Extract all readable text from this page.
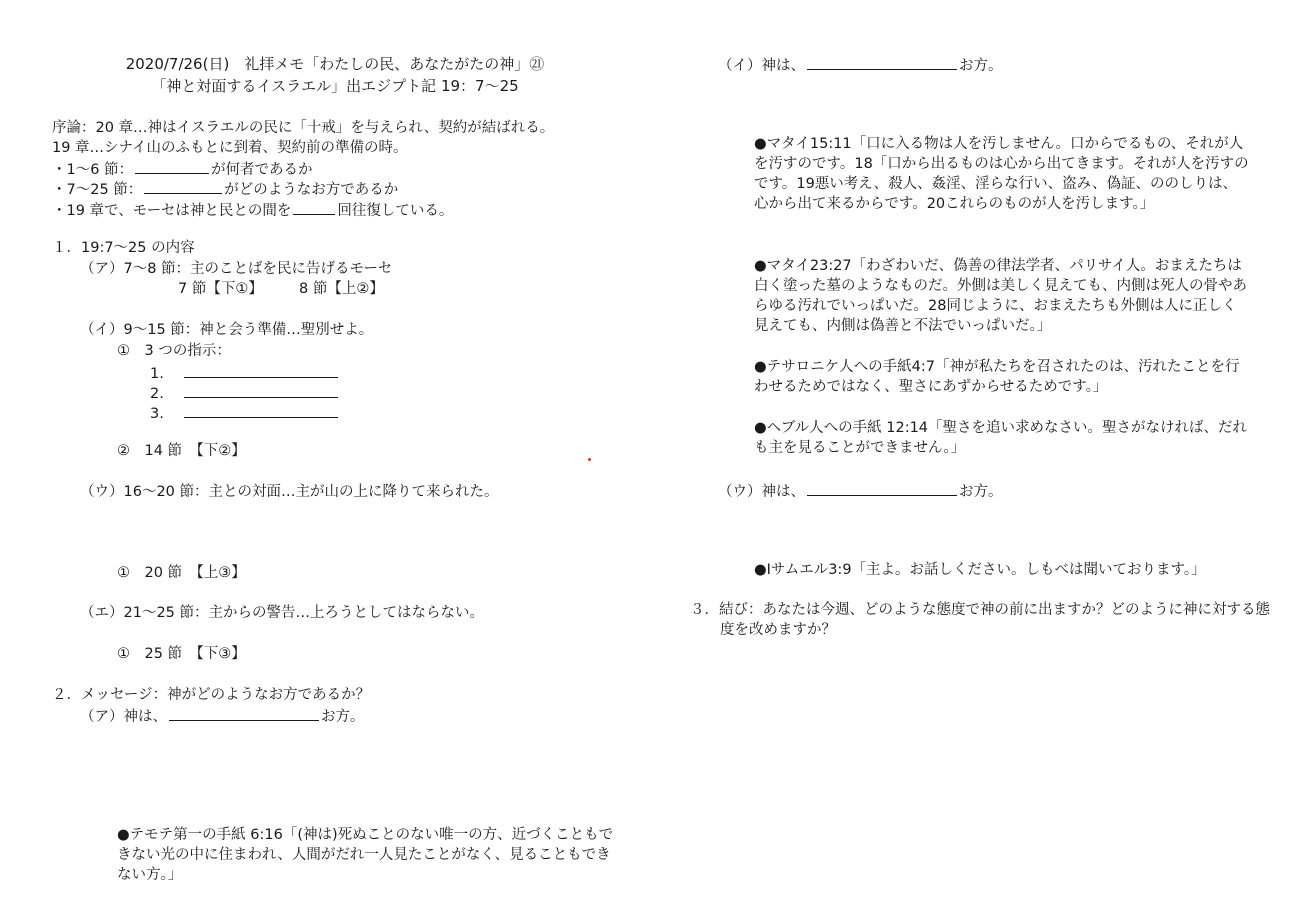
2020/7/26(日)　礼拝メモ「わたしの民、あなたがたの神」㉑
「神と対面するイスラエル」出エジプト記 19：7～25
序論：20 章…神はイスラエルの民に「十戒」を与えられ、契約が結ばれる。
19 章…シナイ山のふもとに到着、契約前の準備の時。
・1～6 節：	が何者であるか
・7～25 節：	がどのようなお方であるか
・19 章で、モーセは神と民との間を	回往復している。
１．19:7～25 の内容
（ア）7～8 節：主のことばを民に告げるモーセ
7 節【下①】 8 節【上②】
（イ）9～15 節：神と会う準備…聖別せよ。
①　3 つの指示：
1.
2.
3.
②　14 節　【下②】
（ウ）16～20 節：主との対面…主が山の上に降りて来られた。
①　20 節　【上③】
（エ）21～25 節：主からの警告…上ろうとしてはならない。
①　25 節　【下③】
２．メッセージ：神がどのようなお方であるか？
（ア）神は、	お方。
●テモテ第一の手紙 6:16「(神は)死ぬことのない唯一の方、近づくこともできない光の中に住まわれ、人間がだれ一人見たことがなく、見ることもできない方。」
（イ）神は、	お方。
●マタイ15:11「口に入る物は人を汚しません。口からでるもの、それが人を汚すのです。18「口から出るものは心から出てきます。それが人を汚すのです。19悪い考え、殺人、姦淫、淫らな行い、盗み、偽証、ののしりは、心から出て来るからです。20これらのものが人を汚します。」
●マタイ23:27「わざわいだ、偽善の律法学者、パリサイ人。おまえたちは白く塗った墓のようなものだ。外側は美しく見えても、内側は死人の骨やあらゆる汚れでいっぱいだ。28同じように、おまえたちも外側は人に正しく見えても、内側は偽善と不法でいっぱいだ。」
●テサロニケ人への手紙4:7「神が私たちを召されたのは、汚れたことを行わせるためではなく、聖さにあずからせるためです。」
●ヘブル人への手紙 12:14「聖さを追い求めなさい。聖さがなければ、だれも主を見ることができません。」
（ウ）神は、	お方。
●Iサムエル3:9「主よ。お話しください。しもべは聞いております。」
３．結び：あなたは今週、どのような態度で神の前に出ますか？どのように神に対する態度を改めますか？
